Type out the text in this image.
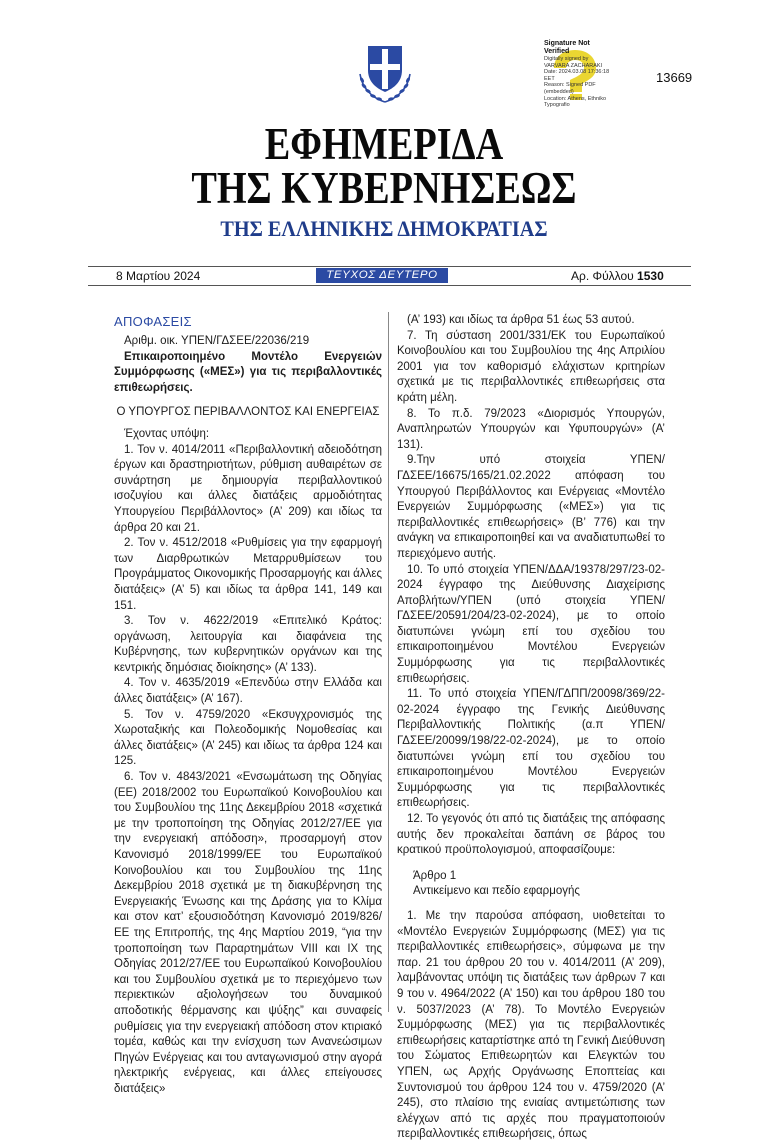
Signature Not
Verified
Digitally signed by
VARVARA ZACHARAKI
Date: 2024.03.08 17:36:18
EET
Reason: Signed PDF
(embedded)
Location: Athens, Ethniko
Typografio
13669
ΕΦΗΜΕΡΙΔΑ
ΤΗΣ ΚΥΒΕΡΝΗΣΕΩΣ
ΤΗΣ ΕΛΛΗΝΙΚΗΣ ΔΗΜΟΚΡΑΤΙΑΣ
8 Μαρτίου 2024	ΤΕΥΧΟΣ ΔΕΥΤΕΡΟ	Αρ. Φύλλου 1530
ΑΠΟΦΑΣΕΙΣ

Αριθμ. οικ. ΥΠΕΝ/ΓΔΣΕΕ/22036/219

Επικαιροποιημένο Μοντέλο Ενεργειών Συμμόρφωσης («ΜΕΣ») για τις περιβαλλοντικές επιθεωρήσεις.

Ο ΥΠΟΥΡΓΟΣ ΠΕΡΙΒΑΛΛΟΝΤΟΣ ΚΑΙ ΕΝΕΡΓΕΙΑΣ

Έχοντας υπόψη:

1. Τον ν. 4014/2011 «Περιβαλλοντική αδειοδότηση έργων και δραστηριοτήτων, ρύθμιση αυθαιρέτων σε συνάρτηση με δημιουργία περιβαλλοντικού ισοζυγίου και άλλες διατάξεις αρμοδιότητας Υπουργείου Περιβάλλοντος» (Α’ 209) και ιδίως τα άρθρα 20 και 21.

2. Τον ν. 4512/2018 «Ρυθμίσεις για την εφαρμογή των Διαρθρωτικών Μεταρρυθμίσεων του Προγράμματος Οικονομικής Προσαρμογής και άλλες διατάξεις» (Α’ 5) και ιδίως τα άρθρα 141, 149 και 151.

3. Τον ν. 4622/2019 «Επιτελικό Κράτος: οργάνωση, λειτουργία και διαφάνεια της Κυβέρνησης, των κυβερνητικών οργάνων και της κεντρικής δημόσιας διοίκησης» (Α’ 133).

4. Τον ν. 4635/2019 «Επενδύω στην Ελλάδα και άλλες διατάξεις» (Α’ 167).

5. Τον ν. 4759/2020 «Εκσυγχρονισμός της Χωροταξικής και Πολεοδομικής Νομοθεσίας και άλλες διατάξεις» (Α’ 245) και ιδίως τα άρθρα 124 και 125.

6. Τον ν. 4843/2021 «Ενσωμάτωση της Οδηγίας (ΕΕ) 2018/2002 του Ευρωπαϊκού Κοινοβουλίου και του Συμβουλίου της 11ης Δεκεμβρίου 2018 «σχετικά με την τροποποίηση της Οδηγίας 2012/27/ΕΕ για την ενεργειακή απόδοση», προσαρμογή στον Κανονισμό 2018/1999/ΕΕ του Ευρωπαϊκού Κοινοβουλίου και του Συμβουλίου της 11ης Δεκεμβρίου 2018 σχετικά με τη διακυβέρνηση της Ενεργειακής Ένωσης και της Δράσης για το Κλίμα και στον κατ’ εξουσιοδότηση Κανονισμό 2019/826/ΕΕ της Επιτροπής, της 4ης Μαρτίου 2019, “για την τροποποίηση των Παραρτημάτων VIII και IX της Οδηγίας 2012/27/ΕΕ του Ευρωπαϊκού Κοινοβουλίου και του Συμβουλίου σχετικά με το περιεχόμενο των περιεκτικών αξιολογήσεων του δυναμικού αποδοτικής θέρμανσης και ψύξης” και συναφείς ρυθμίσεις για την ενεργειακή απόδοση στον κτιριακό τομέα, καθώς και την ενίσχυση των Ανανεώσιμων Πηγών Ενέργειας και του ανταγωνισμού στην αγορά ηλεκτρικής ενέργειας, και άλλες επείγουσες διατάξεις»

(Α’ 193) και ιδίως τα άρθρα 51 έως 53 αυτού.

7. Τη σύσταση 2001/331/ΕΚ του Ευρωπαϊκού Κοινοβουλίου και του Συμβουλίου της 4ης Απριλίου 2001 για τον καθορισμό ελάχιστων κριτηρίων σχετικά με τις περιβαλλοντικές επιθεωρήσεις στα κράτη μέλη.

8. Το π.δ. 79/2023 «Διορισμός Υπουργών, Αναπληρωτών Υπουργών και Υφυπουργών» (Α’ 131).

9.Την υπό στοιχεία ΥΠΕΝ/ΓΔΣΕΕ/16675/165/21.02.2022 απόφαση του Υπουργού Περιβάλλοντος και Ενέργειας «Μοντέλο Ενεργειών Συμμόρφωσης («ΜΕΣ») για τις περιβαλλοντικές επιθεωρήσεις» (Β’ 776) και την ανάγκη να επικαιροποιηθεί και να αναδιατυπωθεί το περιεχόμενο αυτής.

10. Το υπό στοιχεία ΥΠΕΝ/ΔΔΑ/19378/297/23-02-2024 έγγραφο της Διεύθυνσης Διαχείρισης Αποβλήτων/ΥΠΕΝ (υπό στοιχεία ΥΠΕΝ/ΓΔΣΕΕ/20591/204/23-02-2024), με το οποίο διατυπώνει γνώμη επί του σχεδίου του επικαιροποιημένου Μοντέλου Ενεργειών Συμμόρφωσης για τις περιβαλλοντικές επιθεωρήσεις.

11. Το υπό στοιχεία ΥΠΕΝ/ΓΔΠΠ/20098/369/22-02-2024 έγγραφο της Γενικής Διεύθυνσης Περιβαλλοντικής Πολιτικής (α.π ΥΠΕΝ/ΓΔΣΕΕ/20099/198/22-02-2024), με το οποίο διατυπώνει γνώμη επί του σχεδίου του επικαιροποιημένου Μοντέλου Ενεργειών Συμμόρφωσης για τις περιβαλλοντικές επιθεωρήσεις.

12. Το γεγονός ότι από τις διατάξεις της απόφασης αυτής δεν προκαλείται δαπάνη σε βάρος του κρατικού προϋπολογισμού, αποφασίζουμε:

Άρθρο 1

Αντικείμενο και πεδίο εφαρμογής

1. Με την παρούσα απόφαση, υιοθετείται το «Μοντέλο Ενεργειών Συμμόρφωσης (ΜΕΣ) για τις περιβαλλοντικές επιθεωρήσεις», σύμφωνα με την παρ. 21 του άρθρου 20 του ν. 4014/2011 (Α’ 209), λαμβάνοντας υπόψη τις διατάξεις των άρθρων 7 και 9 του ν. 4964/2022 (Α’ 150) και του άρθρου 180 του ν. 5037/2023 (Α’ 78). Το Μοντέλο Ενεργειών Συμμόρφωσης (ΜΕΣ) για τις περιβαλλοντικές επιθεωρήσεις καταρτίστηκε από τη Γενική Διεύθυνση του Σώματος Επιθεωρητών και Ελεγκτών του ΥΠΕΝ, ως Αρχής Οργάνωσης Εποπτείας και Συντονισμού του άρθρου 124 του ν. 4759/2020 (Α’ 245), στο πλαίσιο της ενιαίας αντιμετώπισης των ελέγχων από τις αρχές που πραγματοποιούν περιβαλλοντικές επιθεωρήσεις, όπως
